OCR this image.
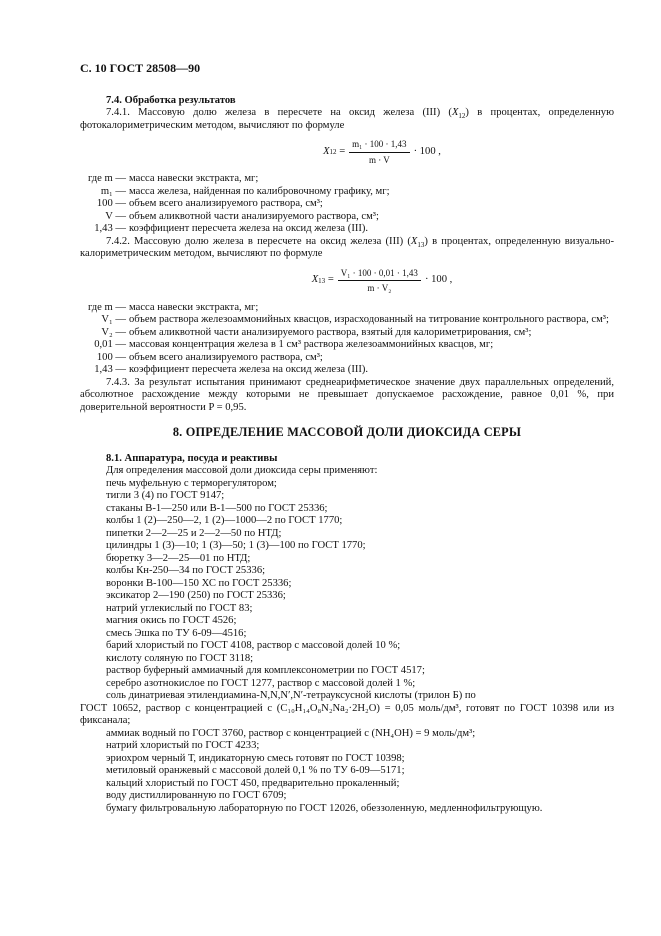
С. 10 ГОСТ 28508—90
7.4. Обработка результатов
7.4.1. Массовую долю железа в пересчете на оксид железа (III) $(X_{12})$ в процентах, определенную фотокалориметрическим методом, вычисляют по формуле
X $12 = \frac{\text{m₁ · 100 · 1,43}}{m \cdot V} \cdot 100$ ,
где m — масса навески экстракта, мг;
m₁ — масса железа, найденная по калибровочному графику, мг;
100 — объем всего анализируемого раствора, см³;
V — объем аликвотной части анализируемого раствора, см³;
1,43 — коэффициент пересчета железа на оксид железа (III).
7.4.2. Массовую долю железа в пересчете на оксид железа (III) $(X_{13})$ в процентах, определенную визуально-калориметрическим методом, вычисляют по формуле
X $13 = \frac{\text{V₁ · 100 · 0,01 · 1,43}}{\text{m · V₂}} \cdot 100$ ,
где m — масса навески экстракта, мг;
V₁ — объем раствора железоаммонийных квасцов, израсходованный на титрование контрольного раствора, см³;
V₂ — объем аликвотной части анализируемого раствора, взятый для калориметрирования, см³;
0,01 — массовая концентрация железа в 1 см³ раствора железоаммонийных квасцов, мг;
100 — объем всего анализируемого раствора, см³;
1,43 — коэффициент пересчета железа на оксид железа (III).
7.4.3. За результат испытания принимают среднеарифметическое значение двух параллельных определений, абсолютное расхождение между которыми не превышает допускаемое расхождение, равное 0,01 %, при доверительной вероятности P = 0,95.
8. ОПРЕДЕЛЕНИЕ МАССОВОЙ ДОЛИ ДИОКСИДА СЕРЫ
8.1. Аппаратура, посуда и реактивы
Для определения массовой доли диоксида серы применяют:
печь муфельную с терморегулятором;
тигли 3 (4) по ГОСТ 9147;
стаканы В-1—250 или В-1—500 по ГОСТ 25336;
колбы 1 (2)—250—2, 1 (2)—1000—2 по ГОСТ 1770;
пипетки 2—2—25 и 2—2—50 по НТД;
цилиндры 1 (3)—10; 1 (3)—50; 1 (3)—100 по ГОСТ 1770;
бюретку 3—2—25—01 по НТД;
колбы Кн-250—34 по ГОСТ 25336;
воронки В-100—150 ХС по ГОСТ 25336;
эксикатор 2—190 (250) по ГОСТ 25336;
натрий углекислый по ГОСТ 83;
магния окись по ГОСТ 4526;
смесь Эшка по ТУ 6-09—4516;
барий хлористый по ГОСТ 4108, раствор с массовой долей 10 %;
кислоту соляную по ГОСТ 3118;
раствор буферный аммиачный для комплексонометрии по ГОСТ 4517;
серебро азотнокислое по ГОСТ 1277, раствор с массовой долей 1 %;
соль динатриевая этилендиамина-N,N,N′,N′-тетрауксусной кислоты (трилон Б) по
ГОСТ 10652, раствор с концентрацией c (C₁₀H₁₄O₈N₂Na₂·2H₂O) = 0,05 моль/дм³, готовят по ГОСТ 10398 или из фиксанала;
аммиак водный по ГОСТ 3760, раствор с концентрацией c (NH₄OH) = 9 моль/дм³;
натрий хлористый по ГОСТ 4233;
эриохром черный Т, индикаторную смесь готовят по ГОСТ 10398;
метиловый оранжевый с массовой долей 0,1 % по ТУ 6-09—5171;
кальций хлористый по ГОСТ 450, предварительно прокаленный;
воду дистиллированную по ГОСТ 6709;
бумагу фильтровальную лабораторную по ГОСТ 12026, обеззоленную, медленнофильтрующую.
